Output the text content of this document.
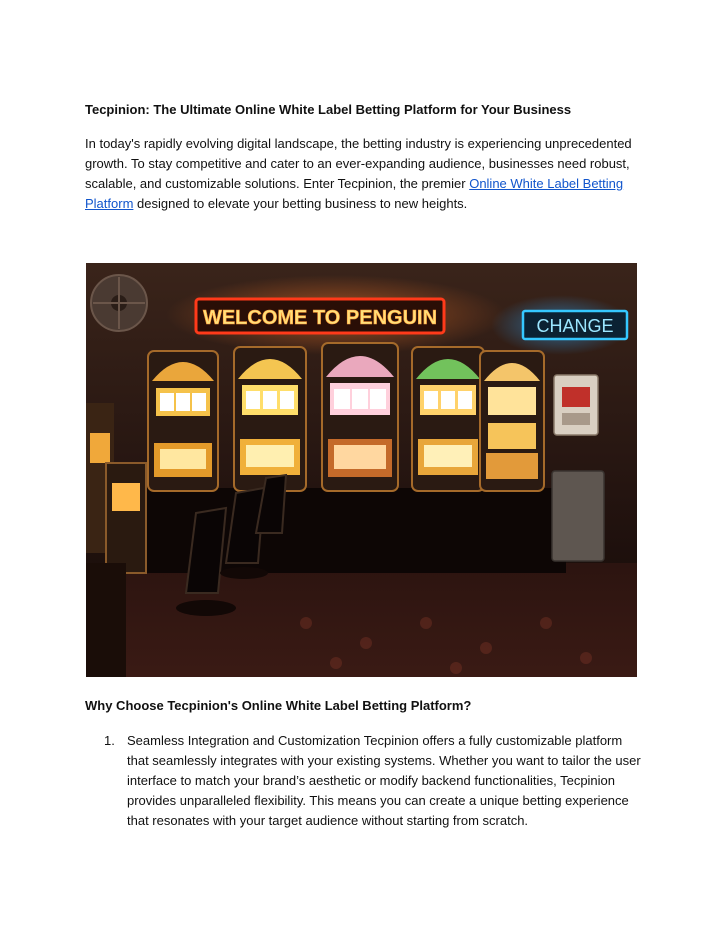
Tecpinion: The Ultimate Online White Label Betting Platform for Your Business

In today's rapidly evolving digital landscape, the betting industry is experiencing unprecedented growth. To stay competitive and cater to an ever-expanding audience, businesses need robust, scalable, and customizable solutions. Enter Tecpinion, the premier Online White Label Betting Platform designed to elevate your betting business to new heights.

WELCOME TO PENGUIN	CHANGE
Why Choose Tecpinion's Online White Label Betting Platform?
1. Seamless Integration and Customization Tecpinion offers a fully customizable platform that seamlessly integrates with your existing systems. Whether you want to tailor the user interface to match your brand’s aesthetic or modify backend functionalities, Tecpinion provides unparalleled flexibility. This means you can create a unique betting experience that resonates with your target audience without starting from scratch.
